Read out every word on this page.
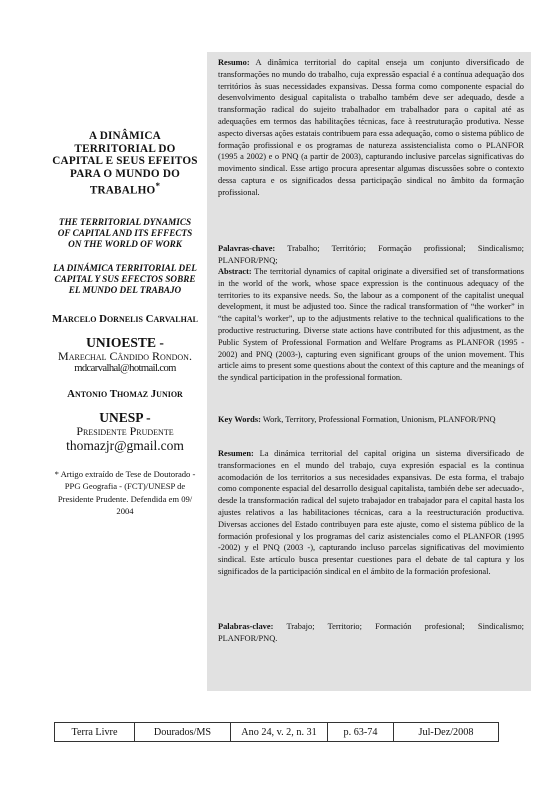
A DINÂMICA TERRITORIAL DO CAPITAL E SEUS EFEITOS PARA O MUNDO DO TRABALHO*

THE TERRITORIAL DYNAMICS OF CAPITAL AND ITS EFFECTS ON THE WORLD OF WORK

LA DINÁMICA TERRITORIAL DEL CAPITAL Y SUS EFECTOS SOBRE EL MUNDO DEL TRABAJO

Marcelo Dornelis Carvalhal
UNIOESTE -
Marechal Cândido Rondon.
mdcarvalhal@hotmail.com
Antonio Thomaz Junior
UNESP -
Presidente Prudente
thomazjr@gmail.com
* Artigo extraído de Tese de Doutorado - PPG Geografia - (FCT)/UNESP de Presidente Prudente. Defendida em 09/ 2004

Resumo: A dinâmica territorial do capital enseja um conjunto diversificado de transformações no mundo do trabalho, cuja expressão espacial é a contínua adequação dos territórios às suas necessidades expansivas. Dessa forma como componente espacial do desenvolvimento desigual capitalista o trabalho também deve ser adequado, desde a transformação radical do sujeito trabalhador em trabalhador para o capital até as adequações em termos das habilitações técnicas, face à reestruturação produtiva. Nesse aspecto diversas ações estatais contribuem para essa adequação, como o sistema público de formação profissional e os programas de natureza assistencialista como o PLANFOR (1995 a 2002) e o PNQ (a partir de 2003), capturando inclusive parcelas significativas do movimento sindical. Esse artigo procura apresentar algumas discussões sobre o contexto dessa captura e os significados dessa participação sindical no âmbito da formação profissional.

Palavras-chave: Trabalho; Território; Formação profissional; Sindicalismo; PLANFOR/PNQ;

Abstract: The territorial dynamics of capital originate a diversified set of transformations in the world of the work, whose space expression is the continuous adequacy of the territories to its expansive needs. So, the labour as a component of the capitalist unequal development, it must be adjusted too. Since the radical transformation of “the worker” in “the capital’s worker”, up to the adjustments relative to the technical qualifications to the productive restructuring. Diverse state actions have contributed for this adjustment, as the Public System of Professional Formation and Welfare Programs as PLANFOR (1995 - 2002) and PNQ (2003-), capturing even significant groups of the union movement. This article aims to present some questions about the context of this capture and the meanings of the syndical participation in the professional formation.

Key Words: Work, Territory, Professional Formation, Unionism, PLANFOR/PNQ

Resumen: La dinámica territorial del capital origina un sistema diversificado de transformaciones en el mundo del trabajo, cuya expresión espacial es la continua acomodación de los territorios a sus necesidades expansivas. De esta forma, el trabajo como componente espacial del desarrollo desigual capitalista, también debe ser adecuado-, desde la transformación radical del sujeto trabajador en trabajador para el capital hasta los ajustes relativos a las habilitaciones técnicas, cara a la reestructuración productiva. Diversas acciones del Estado contribuyen para este ajuste, como el sistema público de la formación profesional y los programas del cariz asistenciales como el PLANFOR (1995 -2002) y el PNQ (2003 -), capturando incluso parcelas significativas del movimiento sindical. Este artículo busca presentar cuestiones para el debate de tal captura y los significados de la participación sindical en el ámbito de la formación profesional.

Palabras-clave: Trabajo; Territorio; Formación profesional; Sindicalismo; PLANFOR/PNQ.

Terra Livre	Dourados/MS	Ano 24, v. 2, n. 31	p. 63-74	Jul-Dez/2008
